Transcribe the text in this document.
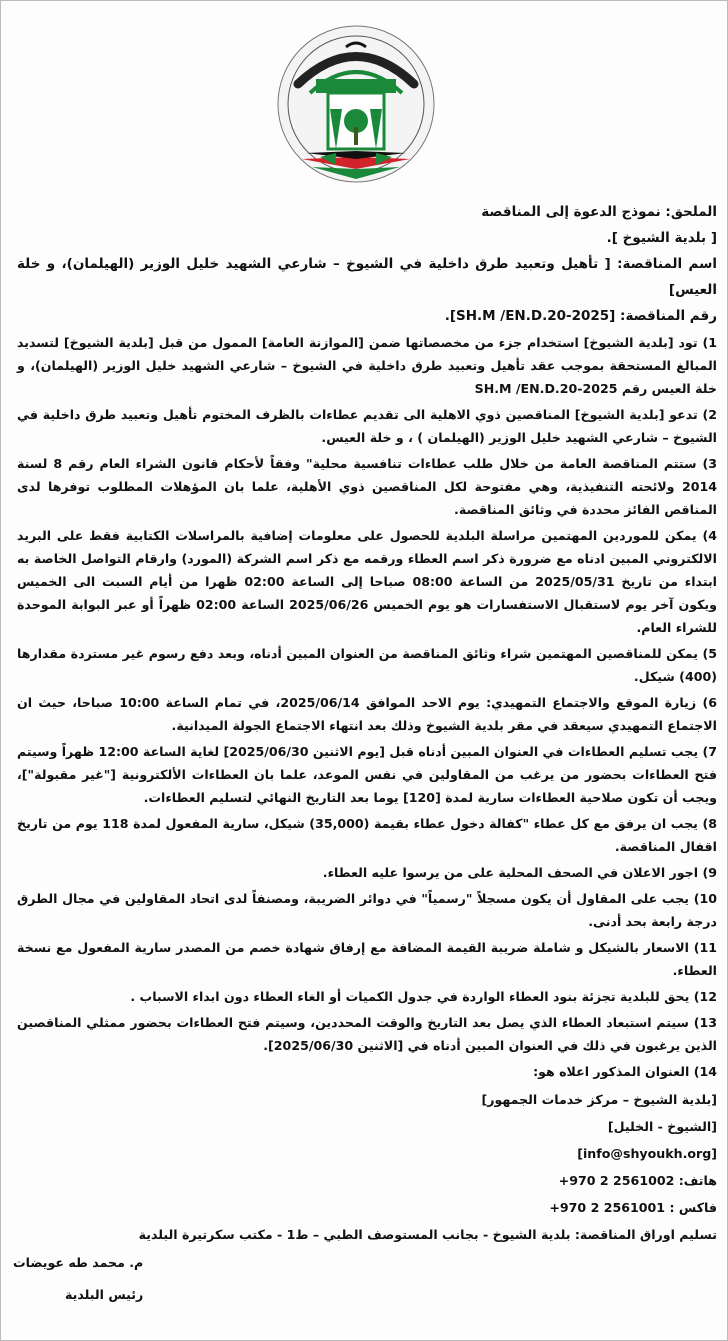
الملحق: نموذج الدعوة إلى المناقصة

[ بلدية الشيوخ ].

اسم المناقصة: [ تأهيل وتعبيد طرق داخلية في الشيوخ – شارعي الشهيد خليل الوزير (الهيلمان)، و خلة العيس]

رقم المناقصة: [SH.M /EN.D.20-2025].

1) تود [بلدية الشيوخ] استخدام جزء من مخصصاتها ضمن [الموازنة العامة] الممول من قبل [بلدية الشيوخ] لتسديد المبالغ المستحقة بموجب عقد تأهيل وتعبيد طرق داخلية في الشيوخ – شارعي الشهيد خليل الوزير (الهيلمان)، و خلة العيس رقم SH.M /EN.D.20-2025
2) تدعو [بلدية الشيوخ] المناقصين ذوي الاهلية الى تقديم عطاءات بالظرف المختوم تأهيل وتعبيد طرق داخلية في الشيوخ – شارعي الشهيد خليل الوزير (الهيلمان ) ، و خلة العيس.
3) ستتم المناقصة العامة من خلال طلب عطاءات تنافسية محلية" وفقاً لأحكام قانون الشراء العام رقم 8 لسنة 2014 ولائحته التنفيذية، وهي مفتوحة لكل المناقصين ذوي الأهلية، علما بان المؤهلات المطلوب توفرها لدى المناقص الفائز محددة في وثائق المناقصة.
4) يمكن للموردين المهتمين مراسلة البلدية للحصول على معلومات إضافية بالمراسلات الكتابية فقط على البريد الالكتروني المبين ادناه مع ضرورة ذكر اسم العطاء ورقمه مع ذكر اسم الشركة (المورد) وارقام التواصل الخاصة به ابتداء من تاريخ 2025/05/31 من الساعة 08:00 صباحا إلى الساعة 02:00 ظهرا من أيام السبت الى الخميس ويكون آخر يوم لاستقبال الاستفسارات هو يوم الخميس 2025/06/26 الساعة 02:00 ظهراً أو عبر البوابة الموحدة للشراء العام.
5) يمكن للمناقصين المهتمين شراء وثائق المناقصة من العنوان المبين أدناه، وبعد دفع رسوم غير مستردة مقدارها (400) شيكل.
6) زيارة الموقع والاجتماع التمهيدي: يوم الاحد الموافق 2025/06/14، في تمام الساعة 10:00 صباحا، حيث ان الاجتماع التمهيدي سيعقد في مقر بلدية الشيوخ وذلك بعد انتهاء الاجتماع الجولة الميدانية.
7) يجب تسليم العطاءات في العنوان المبين أدناه قبل [يوم الاثنين 2025/06/30] لغاية الساعة 12:00 ظهراً وسيتم فتح العطاءات بحضور من يرغب من المقاولين في نفس الموعد، علما بان العطاءات الألكترونية ["غير مقبولة"]، ويجب أن تكون صلاحية العطاءات سارية لمدة [120] يوما بعد التاريخ النهائي لتسليم العطاءات.
8) يجب ان يرفق مع كل عطاء "كفالة دخول عطاء بقيمة (35,000) شيكل، سارية المفعول لمدة 118 يوم من تاريخ اقفال المناقصة.
9) اجور الاعلان في الصحف المحلية على من يرسوا عليه العطاء.
10) يجب على المقاول أن يكون مسجلاً "رسمياً" في دوائر الضريبة، ومصنفاً لدى اتحاد المقاولين في مجال الطرق درجة رابعة بحد أدنى.
11) الاسعار بالشيكل و شاملة ضريبة القيمة المضافة مع إرفاق شهادة خصم من المصدر سارية المفعول مع نسخة العطاء.
12) يحق للبلدية تجزئة بنود العطاء الواردة في جدول الكميات أو الغاء العطاء دون ابداء الاسباب .
13) سيتم استبعاد العطاء الذي يصل بعد التاريخ والوقت المحددين، وسيتم فتح العطاءات بحضور ممثلي المناقصين الذين يرغبون في ذلك في العنوان المبين أدناه في [الاثنين 2025/06/30].
14) العنوان المذكور اعلاه هو:
[بلدية الشيوخ – مركز خدمات الجمهور]
[الشيوخ - الخليل]
[info@shyoukh.org]
هاتف: +970 2 2561002
فاكس : +970 2 2561001
تسليم اوراق المناقصة: بلدية الشيوخ - بجانب المستوصف الطبي – ط1 - مكتب سكرتيرة البلدية
م. محمد طه عويضات
رئيس البلدية
